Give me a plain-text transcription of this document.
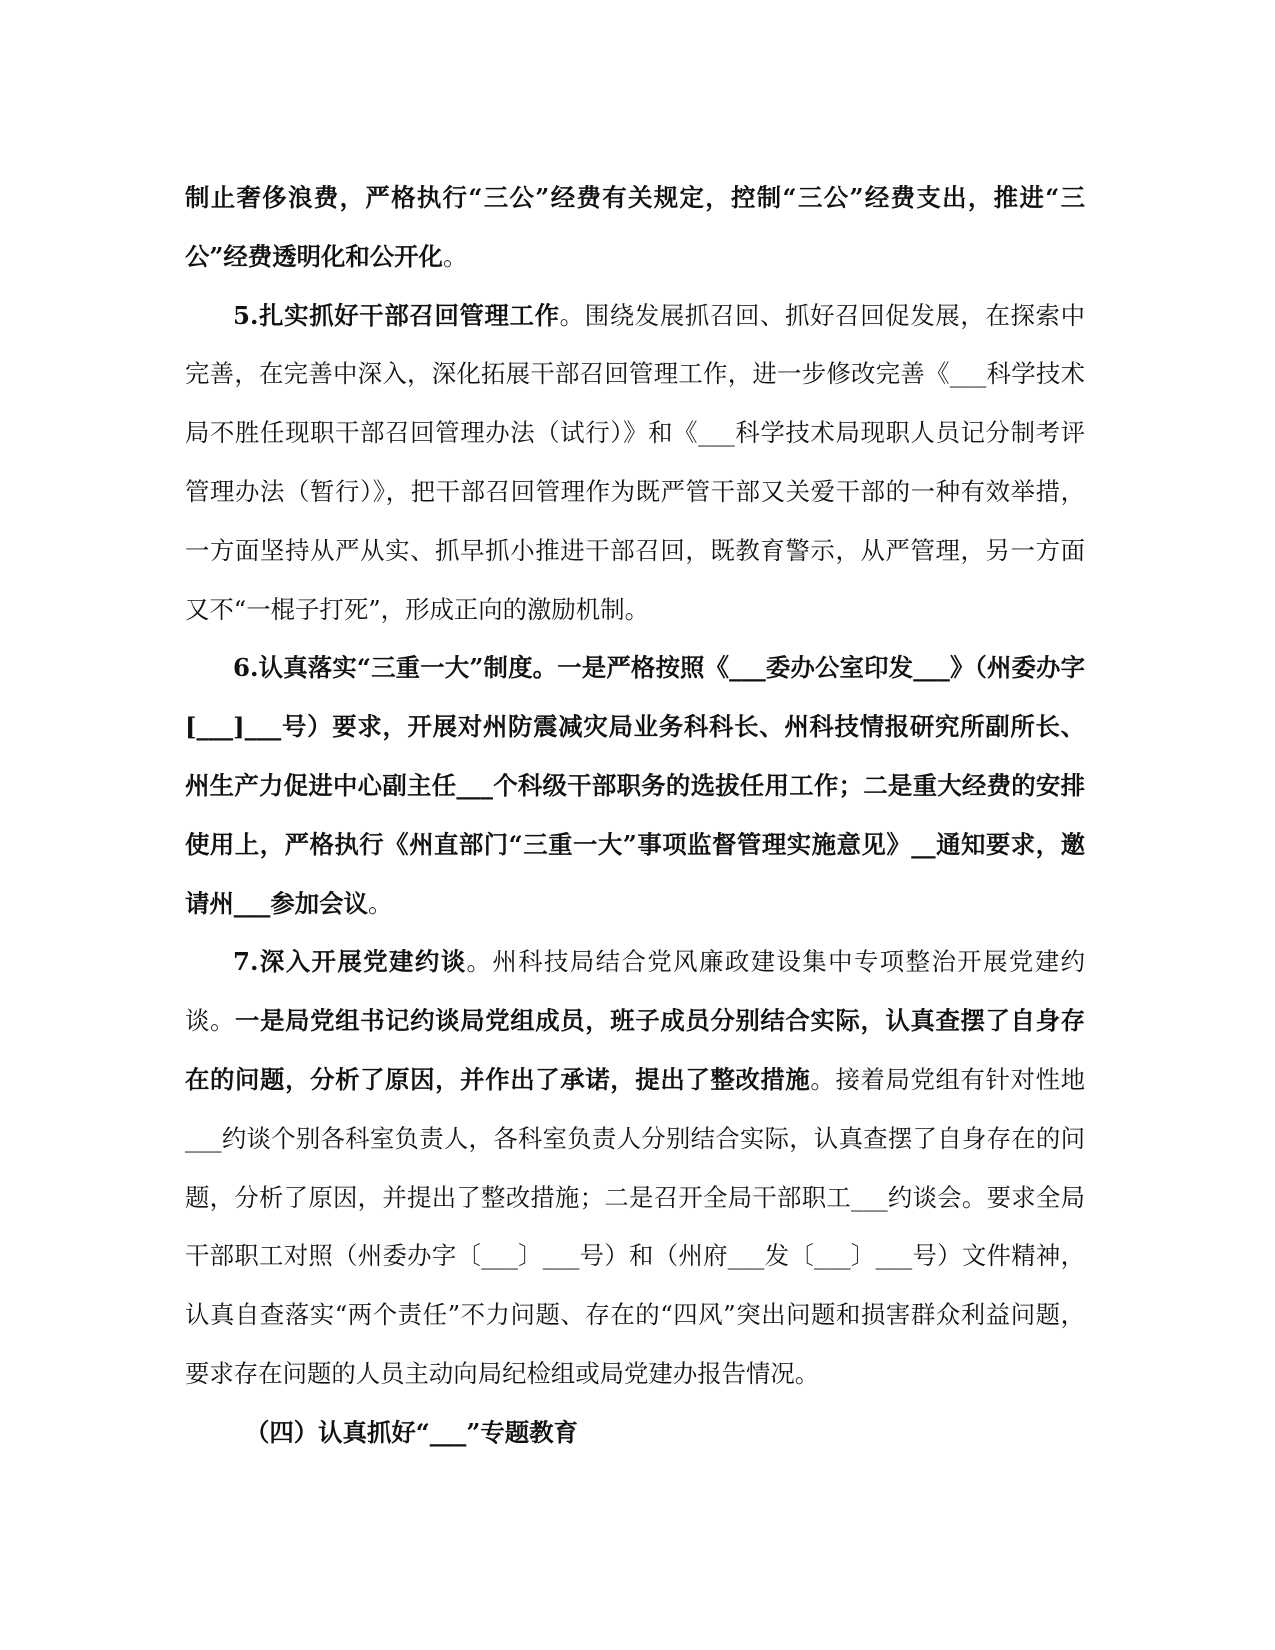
制止奢侈浪费，严格执行“三公”经费有关规定，控制“三公”经费支出，推进“三公”经费透明化和公开化。

5.扎实抓好干部召回管理工作。围绕发展抓召回、抓好召回促发展，在探索中完善，在完善中深入，深化拓展干部召回管理工作，进一步修改完善《___科学技术局不胜任现职干部召回管理办法（试行）》和《___科学技术局现职人员记分制考评管理办法（暂行）》，把干部召回管理作为既严管干部又关爱干部的一种有效举措，一方面坚持从严从实、抓早抓小推进干部召回，既教育警示，从严管理，另一方面又不“一棍子打死”，形成正向的激励机制。

6.认真落实“三重一大”制度。一是严格按照《___委办公室印发___》（州委办字[___]___号）要求，开展对州防震减灾局业务科科长、州科技情报研究所副所长、州生产力促进中心副主任___个科级干部职务的选拔任用工作；二是重大经费的安排使用上，严格执行《州直部门“三重一大”事项监督管理实施意见》__通知要求，邀请州___参加会议。

7.深入开展党建约谈。州科技局结合党风廉政建设集中专项整治开展党建约谈。一是局党组书记约谈局党组成员，班子成员分别结合实际，认真查摆了自身存在的问题，分析了原因，并作出了承诺，提出了整改措施。接着局党组有针对性地___约谈个别各科室负责人，各科室负责人分别结合实际，认真查摆了自身存在的问题，分析了原因，并提出了整改措施；二是召开全局干部职工___约谈会。要求全局干部职工对照（州委办字〔___〕___号）和（州府___发〔___〕___号）文件精神，认真自查落实“两个责任”不力问题、存在的“四风”突出问题和损害群众利益问题，要求存在问题的人员主动向局纪检组或局党建办报告情况。

（四）认真抓好“___”专题教育
